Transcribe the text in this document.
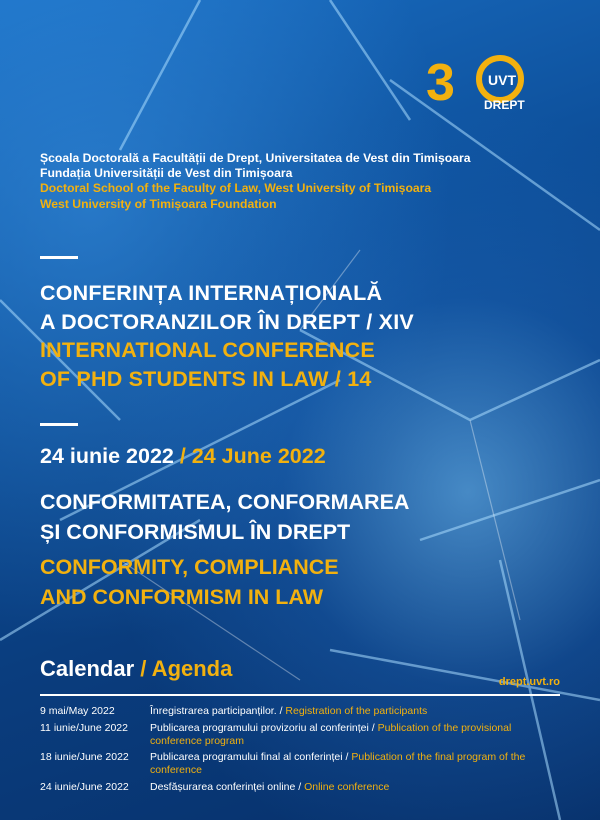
3 UVT
DREPT
Școala Doctorală a Facultății de Drept, Universitatea de Vest din Timișoara
Fundația Universității de Vest din Timișoara
Doctoral School of the Faculty of Law, West University of Timișoara
West University of Timișoara Foundation
CONFERINȚA INTERNAȚIONALĂ
A DOCTORANZILOR ÎN DREPT / XIV
INTERNATIONAL CONFERENCE
OF PHD STUDENTS IN LAW / 14
24 iunie 2022 / 24 June 2022
CONFORMITATEA, CONFORMAREA
ȘI CONFORMISMUL ÎN DREPT
CONFORMITY, COMPLIANCE
AND CONFORMISM IN LAW
Calendar / Agenda
drept.uvt.ro
9 mai/May 2022	Înregistrarea participanților. / Registration of the participants
11 iunie/June 2022	Publicarea programului provizoriu al conferinței / Publication of the provisional conference program
18 iunie/June 2022	Publicarea programului final al conferinței / Publication of the final program of the conference
24 iunie/June 2022	Desfășurarea conferinței online / Online conference
